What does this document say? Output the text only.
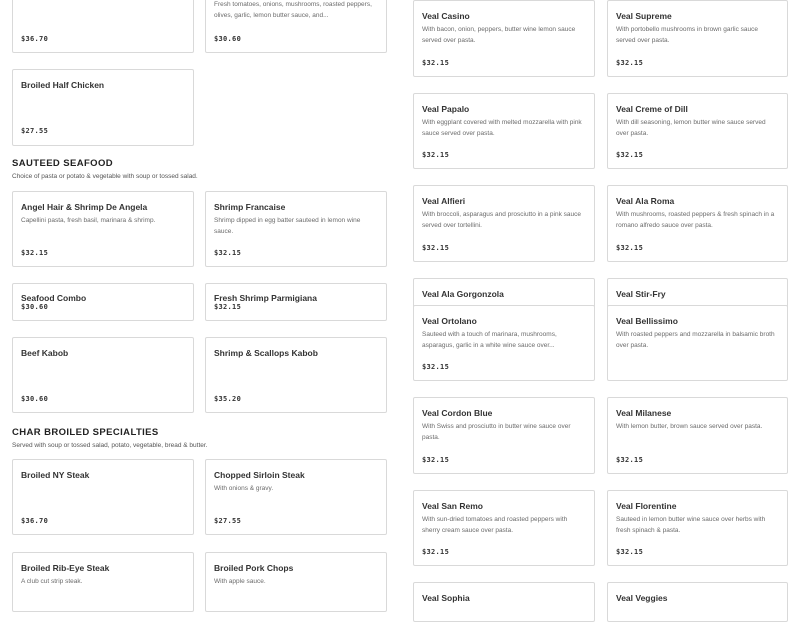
$36.70
Fresh tomatoes, onions, mushrooms, roasted peppers, olives, garlic, lemon butter sauce, and...
$30.60
Broiled Half Chicken
$27.55
SAUTEED SEAFOOD
Choice of pasta or potato & vegetable with soup or tossed salad.
Angel Hair & Shrimp De Angela
Capellini pasta, fresh basil, marinara & shrimp.
$32.15
Shrimp Francaise
Shrimp dipped in egg batter sauteed in lemon wine sauce.
$32.15
Seafood Combo
$30.60
Fresh Shrimp Parmigiana
$32.15
Beef Kabob
$30.60
Shrimp & Scallops Kabob
$35.20
CHAR BROILED SPECIALTIES
Served with soup or tossed salad, potato, vegetable, bread & butter.
Broiled NY Steak
$36.70
Chopped Sirloin Steak
With onions & gravy.
$27.55
Broiled Rib-Eye Steak
A club cut strip steak.
Broiled Pork Chops
With apple sauce.
Veal Casino
With bacon, onion, peppers, butter wine lemon sauce served over pasta.
$32.15
Veal Supreme
With portobello mushrooms in brown garlic sauce served over pasta.
$32.15
Veal Papalo
With eggplant covered with melted mozzarella with pink sauce served over pasta.
$32.15
Veal Creme of Dill
With dill seasoning, lemon butter wine sauce served over pasta.
$32.15
Veal Alfieri
With broccoli, asparagus and prosciutto in a pink sauce served over tortellini.
$32.15
Veal Ala Roma
With mushrooms, roasted peppers & fresh spinach in a romano alfredo sauce over pasta.
$32.15
Veal Ala Gorgonzola	Veal Stir-Fry
Veal Ortolano
Sauteed with a touch of marinara, mushrooms, asparagus, garlic in a white wine sauce over...
$32.15
Veal Bellissimo
With roasted peppers and mozzarella in balsamic broth over pasta.
Veal Cordon Blue
With Swiss and prosciutto in butter wine sauce over pasta.
$32.15
Veal Milanese
With lemon butter, brown sauce served over pasta.
$32.15
Veal San Remo
With sun-dried tomatoes and roasted peppers with sherry cream sauce over pasta.
$32.15
Veal Florentine
Sauteed in lemon butter wine sauce over herbs with fresh spinach & pasta.
$32.15
Veal Sophia	Veal Veggies
